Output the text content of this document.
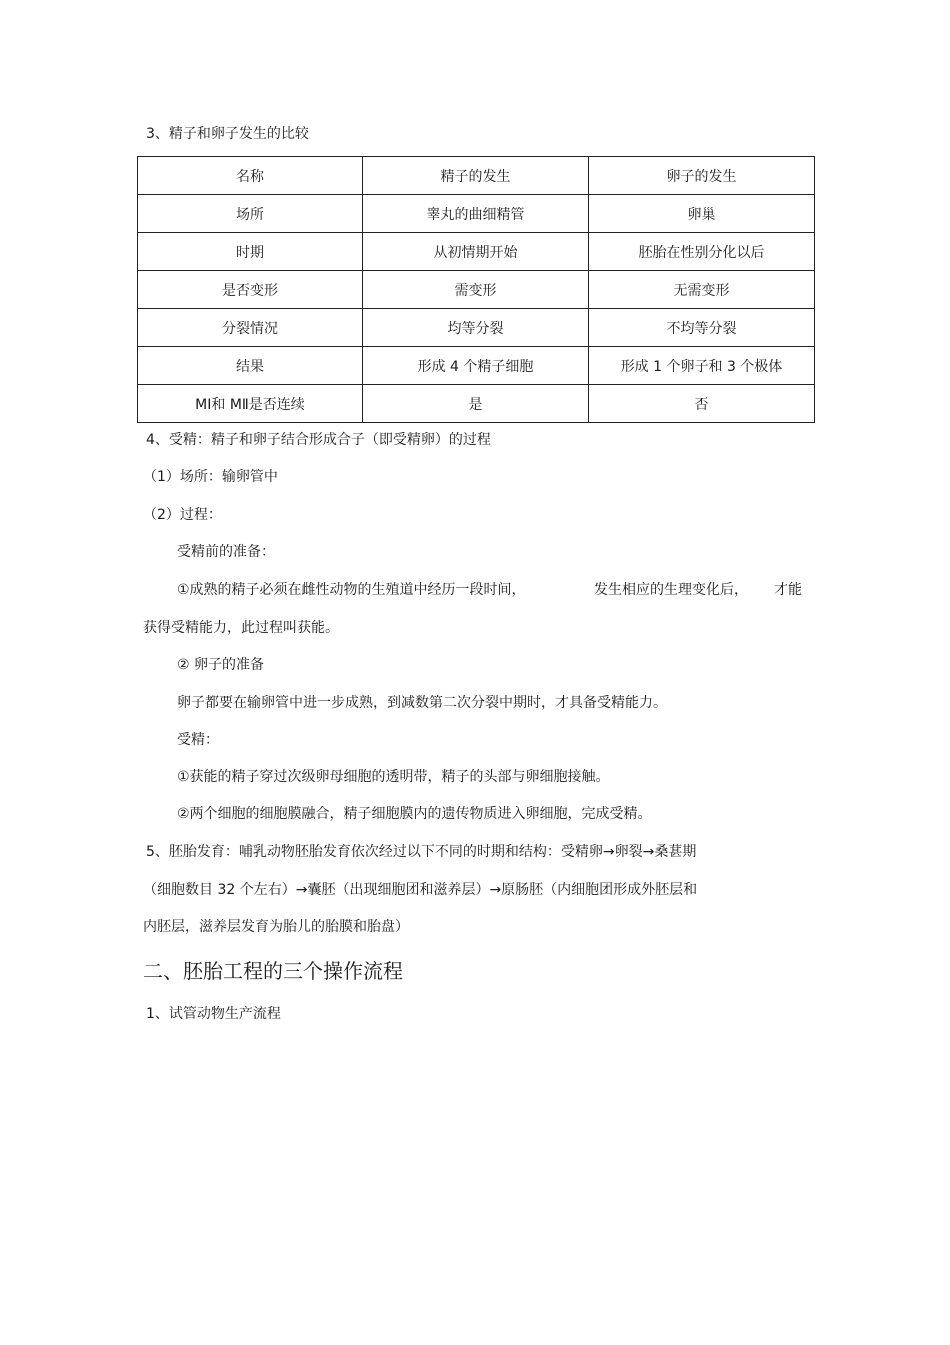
3、精子和卵子发生的比较
名称	精子的发生	卵子的发生
场所	睾丸的曲细精管	卵巢
时期	从初情期开始	胚胎在性别分化以后
是否变形	需变形	无需变形
分裂情况	均等分裂	不均等分裂
结果	形成 4 个精子细胞	形成 1 个卵子和 3 个极体
MⅠ和 MⅡ是否连续	是	否
4、受精：精子和卵子结合形成合子（即受精卵）的过程
（1）场所：输卵管中
（2）过程：
受精前的准备：
①成熟的精子必须在雌性动物的生殖道中经历一段时间，	发生相应的生理变化后， 才能
获得受精能力，此过程叫获能。
② 卵子的准备
卵子都要在输卵管中进一步成熟，到减数第二次分裂中期时，才具备受精能力。
受精：
①获能的精子穿过次级卵母细胞的透明带，精子的头部与卵细胞接触。
②两个细胞的细胞膜融合，精子细胞膜内的遗传物质进入卵细胞，完成受精。
5、胚胎发育：哺乳动物胚胎发育依次经过以下不同的时期和结构：受精卵→卵裂→桑葚期
（细胞数目 32 个左右）→囊胚（出现细胞团和滋养层）→原肠胚（内细胞团形成外胚层和
内胚层，滋养层发育为胎儿的胎膜和胎盘）
二、胚胎工程的三个操作流程
1、试管动物生产流程
